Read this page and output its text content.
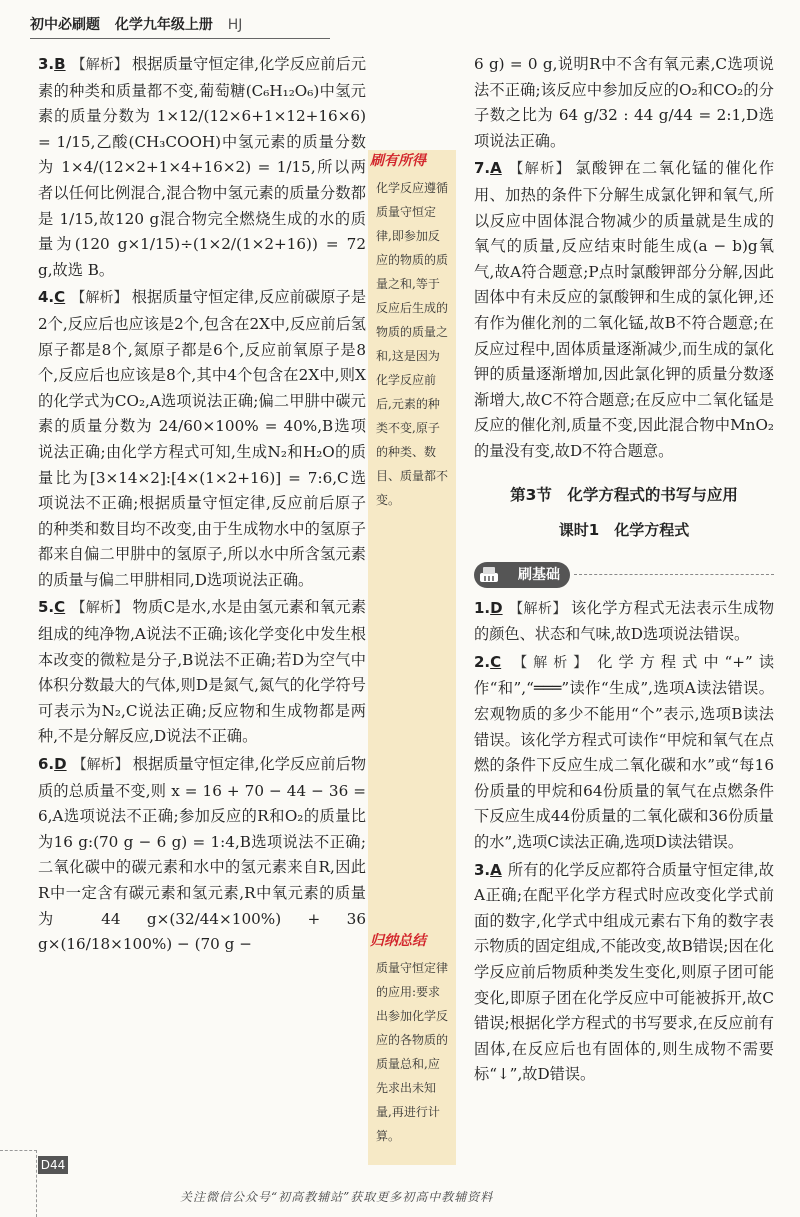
初中必刷题 化学九年级上册 HJ

3.B 【解析】 根据质量守恒定律,化学反应前后元素的种类和质量都不变,葡萄糖(C₆H₁₂O₆)中氢元素的质量分数为 1×12/(12×6+1×12+16×6) = 1/15,乙酸(CH₃COOH)中氢元素的质量分数为 1×4/(12×2+1×4+16×2) = 1/15,所以两者以任何比例混合,混合物中氢元素的质量分数都是 1/15,故120 g混合物完全燃烧生成的水的质量为(120 g×1/15)÷(1×2/(1×2+16)) = 72 g,故选 B。

4.C 【解析】 根据质量守恒定律,反应前碳原子是2个,反应后也应该是2个,包含在2X中,反应前后氢原子都是8个,氮原子都是6个,反应前氧原子是8个,反应后也应该是8个,其中4个包含在2X中,则X的化学式为CO₂,A选项说法正确;偏二甲肼中碳元素的质量分数为 24/60×100% = 40%,B选项说法正确;由化学方程式可知,生成N₂和H₂O的质量比为[3×14×2]:[4×(1×2+16)] = 7:6,C选项说法不正确;根据质量守恒定律,反应前后原子的种类和数目均不改变,由于生成物水中的氢原子都来自偏二甲肼中的氢原子,所以水中所含氢元素的质量与偏二甲肼相同,D选项说法正确。

5.C 【解析】 物质C是水,水是由氢元素和氧元素组成的纯净物,A说法不正确;该化学变化中发生根本改变的微粒是分子,B说法不正确;若D为空气中体积分数最大的气体,则D是氮气,氮气的化学符号可表示为N₂,C说法正确;反应物和生成物都是两种,不是分解反应,D说法不正确。

6.D 【解析】 根据质量守恒定律,化学反应前后物质的总质量不变,则 x = 16 + 70 − 44 − 36 = 6,A选项说法不正确;参加反应的R和O₂的质量比为16 g:(70 g − 6 g) = 1:4,B选项说法不正确;二氧化碳中的碳元素和水中的氢元素来自R,因此R中一定含有碳元素和氢元素,R中氧元素的质量为 44 g×(32/44×100%) + 36 g×(16/18×100%) − (70 g −

刷有所得
化学反应遵循质量守恒定律,即参加反应的物质的质量之和,等于反应后生成的物质的质量之和,这是因为化学反应前后,元素的种类不变,原子的种类、数目、质量都不变。
归纳总结
质量守恒定律的应用:要求出参加化学反应的各物质的质量总和,应先求出未知量,再进行计算。

6 g) = 0 g,说明R中不含有氧元素,C选项说法不正确;该反应中参加反应的O₂和CO₂的分子数之比为 64 g/32 : 44 g/44 = 2:1,D选项说法正确。

7.A 【解析】 氯酸钾在二氧化锰的催化作用、加热的条件下分解生成氯化钾和氧气,所以反应中固体混合物减少的质量就是生成的氧气的质量,反应结束时能生成(a − b)g氧气,故A符合题意;P点时氯酸钾部分分解,因此固体中有未反应的氯酸钾和生成的氯化钾,还有作为催化剂的二氧化锰,故B不符合题意;在反应过程中,固体质量逐渐减少,而生成的氯化钾的质量逐渐增加,因此氯化钾的质量分数逐渐增大,故C不符合题意;在反应中二氧化锰是反应的催化剂,质量不变,因此混合物中MnO₂的量没有变,故D不符合题意。

第3节　化学方程式的书写与应用
课时1　化学方程式
刷基础

1.D 【解析】 该化学方程式无法表示生成物的颜色、状态和气味,故D选项说法错误。

2.C 【解析】 化学方程式中“+”读作“和”,“═══”读作“生成”,选项A读法错误。宏观物质的多少不能用“个”表示,选项B读法错误。该化学方程式可读作“甲烷和氧气在点燃的条件下反应生成二氧化碳和水”或“每16份质量的甲烷和64份质量的氧气在点燃条件下反应生成44份质量的二氧化碳和36份质量的水”,选项C读法正确,选项D读法错误。

3.A 所有的化学反应都符合质量守恒定律,故A正确;在配平化学方程式时应改变化学式前面的数字,化学式中组成元素右下角的数字表示物质的固定组成,不能改变,故B错误;因在化学反应前后物质种类发生变化,则原子团可能变化,即原子团在化学反应中可能被拆开,故C错误;根据化学方程式的书写要求,在反应前有固体,在反应后也有固体的,则生成物不需要标“↓”,故D错误。

D44
关注微信公众号“初高教辅站”获取更多初高中教辅资料
